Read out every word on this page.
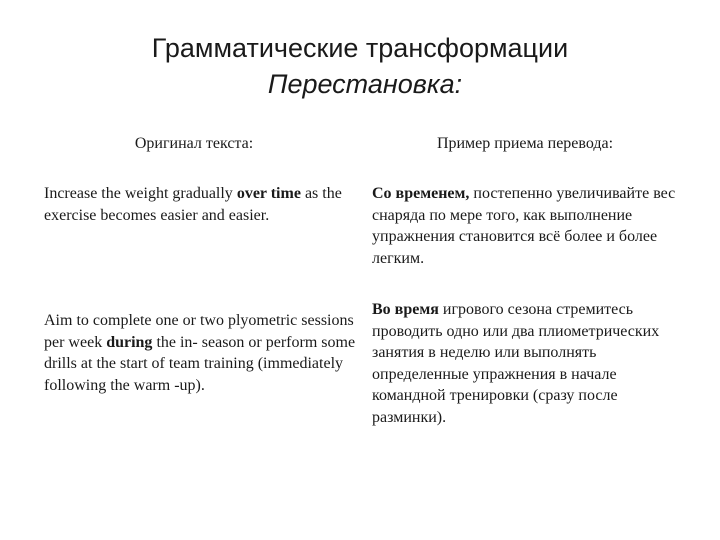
Грамматические трансформации
Перестановка:
Оригинал текста:	Пример приема перевода:
Increase the weight gradually over time as the exercise becomes easier and easier.
Со временем, постепенно увеличивайте вес снаряда по мере того, как выполнение упражнения становится всё более и более легким.
Aim to complete one or two plyometric sessions per week during the in- season or perform some drills at the start of team training (immediately following the warm -up).
Во время игрового сезона стремитесь проводить одно или два плиометрических занятия в неделю или выполнять определенные упражнения в начале командной тренировки (сразу после разминки).
